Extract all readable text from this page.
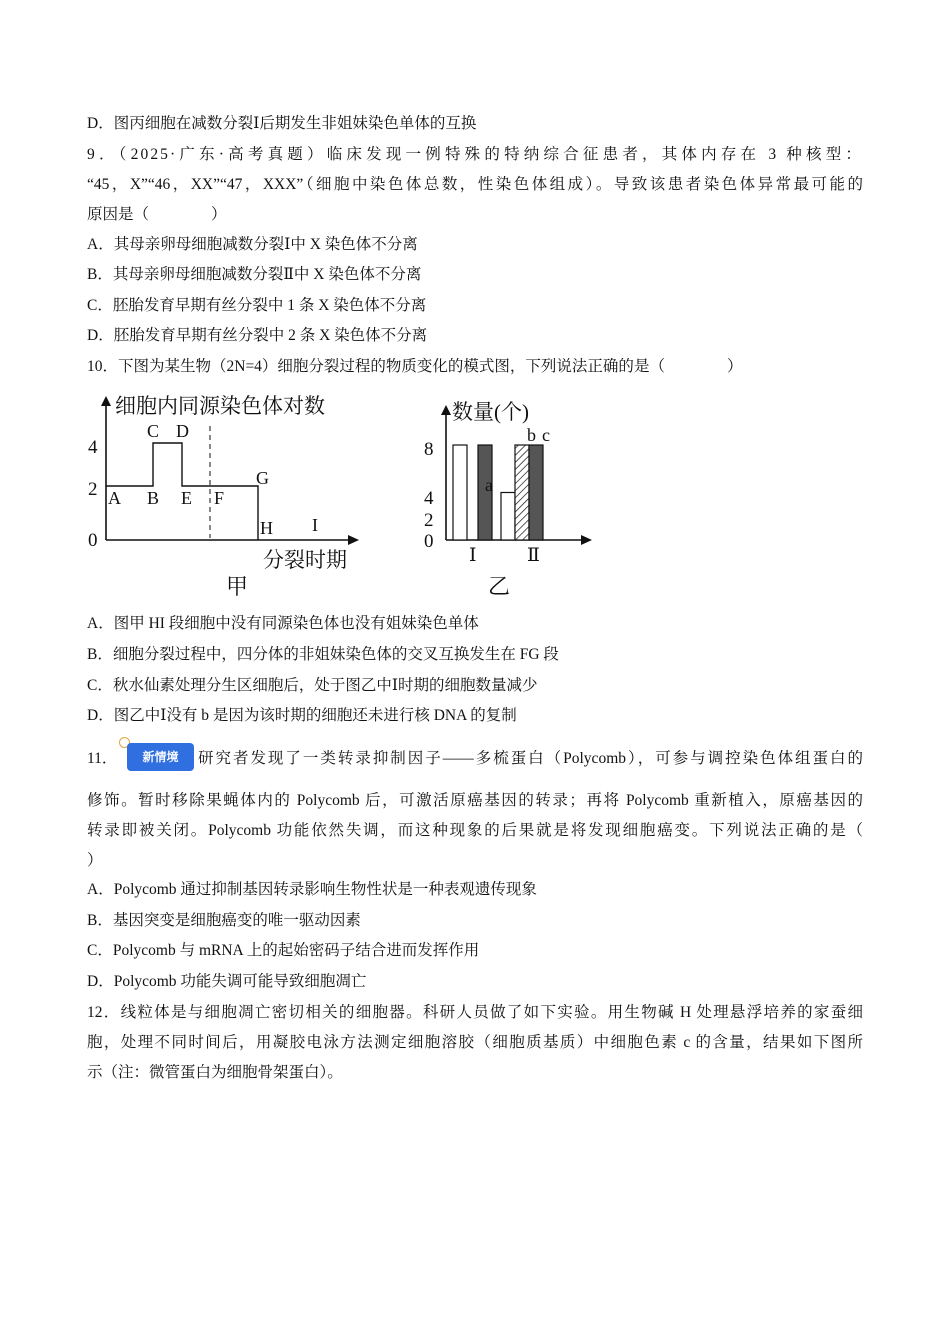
D．图丙细胞在减数分裂Ⅰ后期发生非姐妹染色单体的互换
9．（2025·广东·高考真题）临床发现一例特殊的特纳综合征患者，其体内存在 3 种核型：
“45，X”“46，XX”“47，XXX”（细胞中染色体总数，性染色体组成）。导致该患者染色体异常最可能的
原因是（　　　　）
A．其母亲卵母细胞减数分裂Ⅰ中 X 染色体不分离
B．其母亲卵母细胞减数分裂Ⅱ中 X 染色体不分离
C．胚胎发育早期有丝分裂中 1 条 X 染色体不分离
D．胚胎发育早期有丝分裂中 2 条 X 染色体不分离
10．下图为某生物（2N=4）细胞分裂过程的物质变化的模式图，下列说法正确的是（　　　　）
细胞内同源染色体对数
4
2
0
A B
C D
E F
G
H I
分裂时期
甲
数量(个)
8
4
2
0
a
b c
Ⅰ	Ⅱ
乙
A．图甲 HI 段细胞中没有同源染色体也没有姐妹染色单体
B．细胞分裂过程中，四分体的非姐妹染色体的交叉互换发生在 FG 段
C．秋水仙素处理分生区细胞后，处于图乙中Ⅰ时期的细胞数量减少
D．图乙中Ⅰ没有 b 是因为该时期的细胞还未进行核 DNA 的复制
11．	新情境	研究者发现了一类转录抑制因子——多梳蛋白（Polycomb），可参与调控染色体组蛋白的
修饰。暂时移除果蝇体内的 Polycomb 后，可激活原癌基因的转录；再将 Polycomb 重新植入，原癌基因的
转录即被关闭。Polycomb 功能依然失调，而这种现象的后果就是将发现细胞癌变。下列说法正确的是（
）
A．Polycomb 通过抑制基因转录影响生物性状是一种表观遗传现象
B．基因突变是细胞癌变的唯一驱动因素
C．Polycomb 与 mRNA 上的起始密码子结合进而发挥作用
D．Polycomb 功能失调可能导致细胞凋亡
12．线粒体是与细胞凋亡密切相关的细胞器。科研人员做了如下实验。用生物碱 H 处理悬浮培养的家蚕细
胞，处理不同时间后，用凝胶电泳方法测定细胞溶胶（细胞质基质）中细胞色素 c 的含量，结果如下图所
示（注：微管蛋白为细胞骨架蛋白）。
